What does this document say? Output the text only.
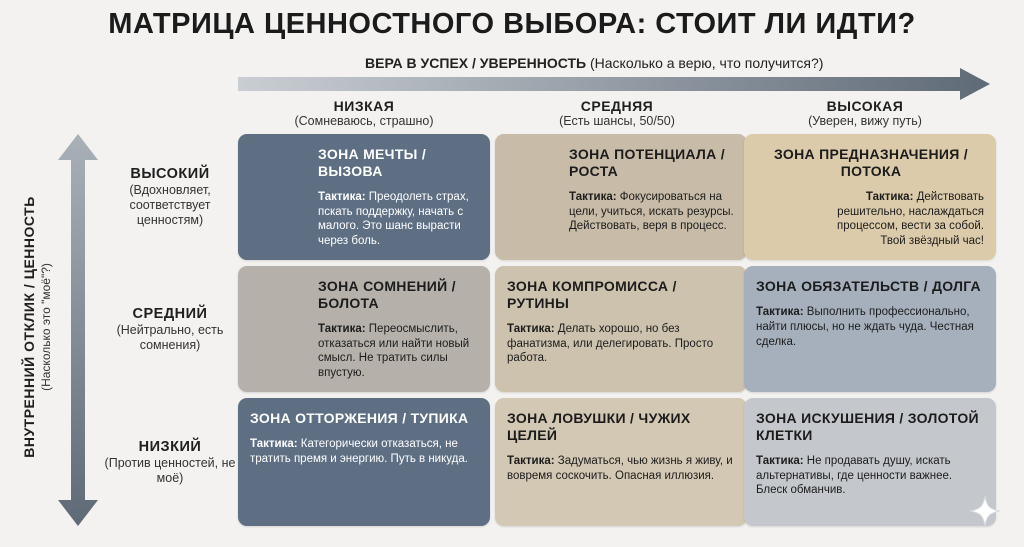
МАТРИЦА ЦЕННОСТНОГО ВЫБОРА: СТОИТ ЛИ ИДТИ?
ВЕРА В УСПЕХ / УВЕРЕННОСТЬ (Насколько а верю, что получится?)
ВНУТРЕННИЙ ОТКЛИК / ЦЕННОСТЬ (Насколько это "моё"?)
НИЗКАЯ
(Сомневаюсь, страшно)
СРЕДНЯЯ
(Есть шансы, 50/50)
ВЫСОКАЯ
(Уверен, вижу путь)
ВЫСОКИЙ
(Вдохновляет, соответствует ценностям)
СРЕДНИЙ
(Нейтрально, есть сомнения)
НИЗКИЙ
(Против ценностей, не моё)
ЗОНА МЕЧТЫ / ВЫЗОВА
Тактика: Преодолеть страх, пскать поддержку, начать с малого. Это шанс вырасти через боль.
ЗОНА ПОТЕНЦИАЛА / РОСТА
Тактика: Фокусироваться на цели, учиться, искать резурсы. Действовать, веря в процесс.
ЗОНА ПРЕДНАЗНАЧЕНИЯ / ПОТОКА
Тактика: Действовать решительно, наслаждаться процессом, вести за собой. Твой звёздный час!
ЗОНА СОМНЕНИЙ / БОЛОТА
Тактика: Переосмыслить, отказаться или найти новый смысл. Не тратить силы впустую.
ЗОНА КОМПРОМИССА / РУТИНЫ
Тактика: Делать хорошо, но без фанатизма, или делегировать. Просто работа.
ЗОНА ОБЯЗАТЕЛЬСТВ / ДОЛГА
Тактика: Выполнить профессионально, найти плюсы, но не ждать чуда. Честная сделка.
ЗОНА ОТТОРЖЕНИЯ / ТУПИКА
Тактика: Категорически отказаться, не тратить премя и энергию. Путь в никуда.
ЗОНА ЛОВУШКИ / ЧУЖИХ ЦЕЛЕЙ
Тактика: Задуматься, чью жизнь я живу, и вовремя соскочить. Опасная иллюзия.
ЗОНА ИСКУШЕНИЯ / ЗОЛОТОЙ КЛЕТКИ
Тактика: Не продавать душу, искать альтернативы, где ценности важнее. Блеск обманчив.
